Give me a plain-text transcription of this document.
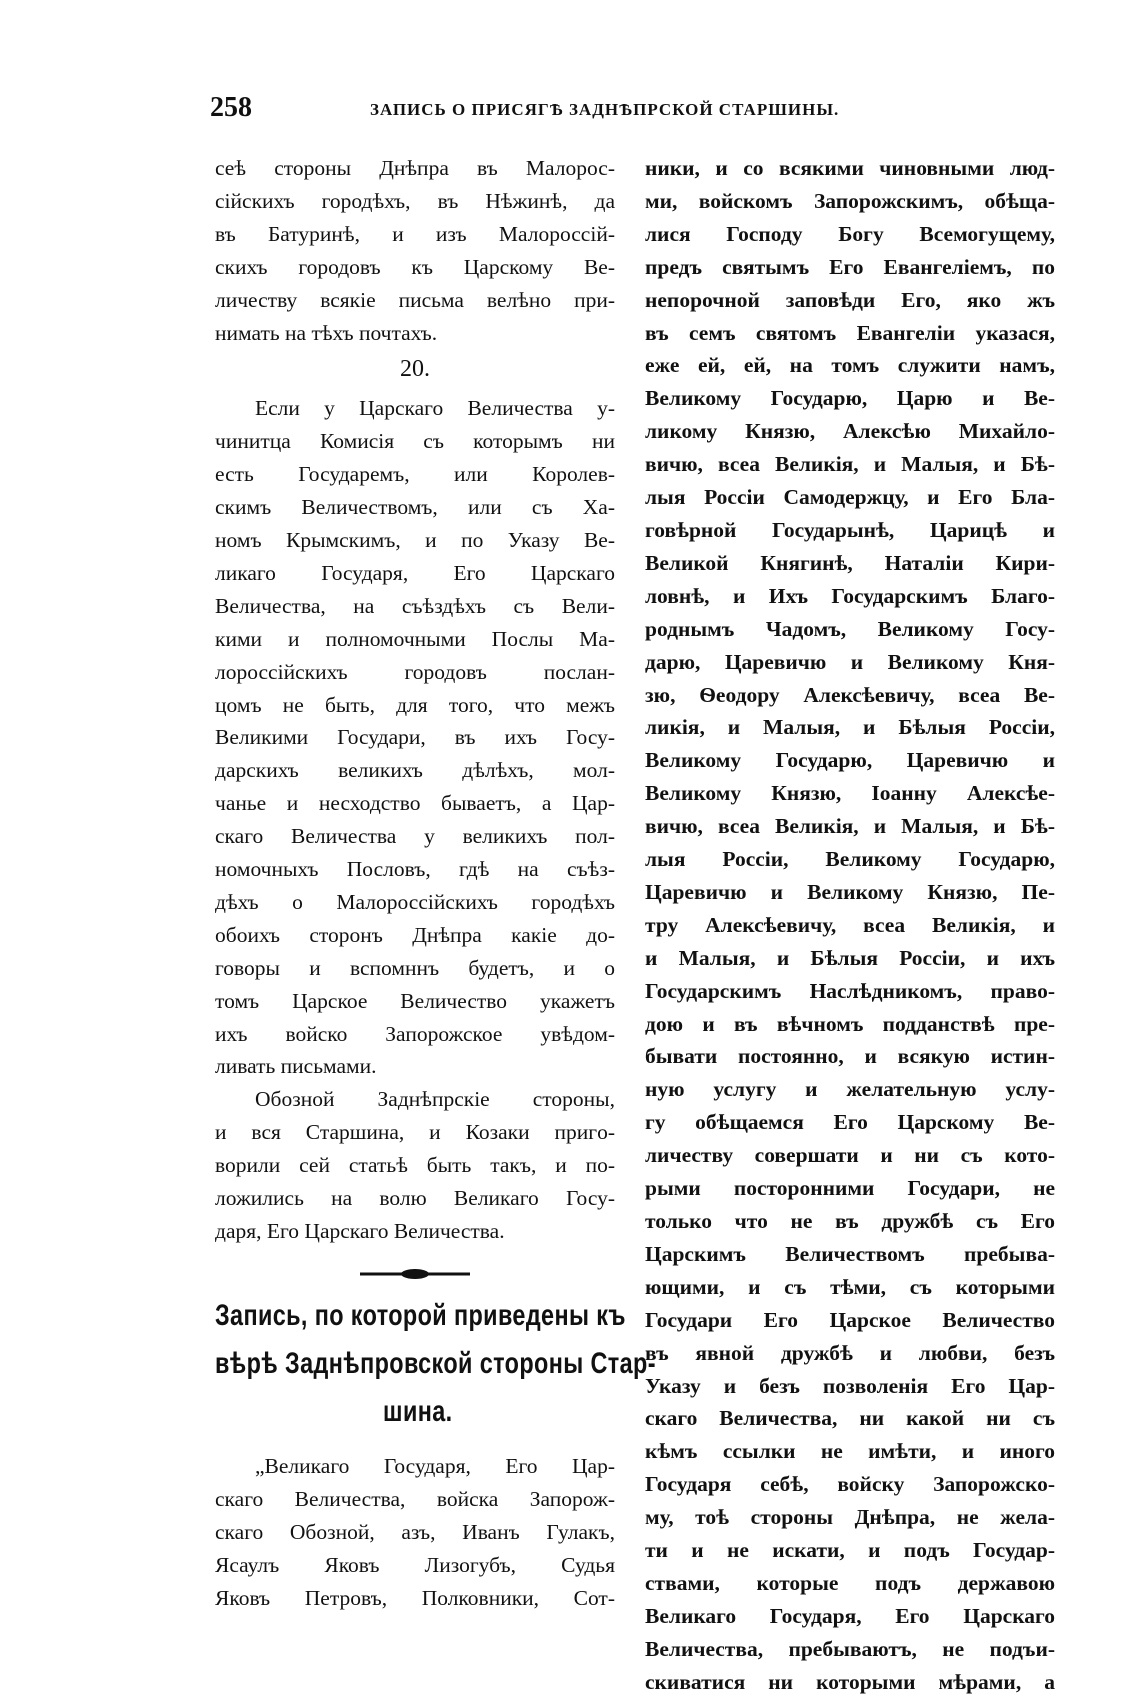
258	ЗАПИСЬ О ПРИСЯГѢ ЗАДНѢПРСКОЙ СТАРШИНЫ.
сеѣ стороны Днѣпра въ Малорос-
сійскихъ городѣхъ, въ Нѣжинѣ, да
въ Батуринѣ, и изъ Малороссій-
скихъ городовъ къ Царскому Ве-
личеству всякіе письма велѣно при-
нимать на тѣхъ почтахъ.
20.
Если у Царскаго Величества у-
чинитца Комисія съ которымъ ни
есть Государемъ, или Королев-
скимъ Величествомъ, или съ Ха-
номъ Крымскимъ, и по Указу Ве-
ликаго Государя, Его Царскаго
Величества, на съѣздѣхъ съ Вели-
кими и полномочными Послы Ма-
лороссійскихъ городовъ послан-
цомъ не быть, для того, что межъ
Великими Государи, въ ихъ Госу-
дарскихъ великихъ дѣлѣхъ, мол-
чанье и несходство бываетъ, а Цар-
скаго Величества у великихъ пол-
номочныхъ Пословъ, гдѣ на съѣз-
дѣхъ о Малороссійскихъ городѣхъ
обоихъ сторонъ Днѣпра какіе до-
говоры и вспомннъ будетъ, и о
томъ Царское Величество укажетъ
ихъ войско Запорожское увѣдом-
ливать письмами.
Обозной Заднѣпрскіе стороны,
и вся Старшина, и Козаки пригo-
ворили сей статьѣ быть такъ, и по-
ложились на волю Великаго Госу-
даря, Его Царскаго Величества.
Запись, по которой приведены къ
вѣрѣ Заднѣпровской стороны Стар-
шина.
„Великаго Государя, Его Цар-
скаго Величества, войска Запорож-
скаго Обозной, азъ, Иванъ Гулакъ,
Ясаулъ Яковъ Лизогубъ, Судья
Яковъ Петровъ, Полковники, Сот-
ники, и со всякими чиновными люд-
ми, войскомъ Запорожскимъ, обѣща-
лися Господу Богу Всемогущему,
предъ святымъ Его Евангеліемъ, по
непорочной заповѣди Его, яко жъ
въ семъ святомъ Евангеліи указася,
еже ей, ей, на томъ служити намъ,
Великому Государю, Царю и Ве-
ликому Князю, Алексѣю Михайло-
вичю, всеа Великія, и Малыя, и Бѣ-
лыя Россіи Самодержцу, и Его Бла-
говѣрной Государынѣ, Царицѣ и
Великой Княгинѣ, Наталіи Кири-
ловнѣ, и Ихъ Государскимъ Благо-
роднымъ Чадомъ, Великому Госу-
дарю, Царевичю и Великому Кня-
зю, Ѳеодору Алексѣевичу, всеа Ве-
ликія, и Малыя, и Бѣлыя Россіи,
Великому Государю, Царевичю и
Великому Князю, Іоанну Алексѣе-
вичю, всеа Великія, и Малыя, и Бѣ-
лыя Россіи, Великому Государю,
Царевичю и Великому Князю, Пе-
тру Алексѣевичу, всеа Великія, и
и Малыя, и Бѣлыя Россіи, и ихъ
Государскимъ Наслѣдникомъ, право-
дою и въ вѣчномъ подданствѣ пре-
бывати постоянно, и всякую истин-
ную услугу и желательную услу-
гу обѣщаемся Его Царскому Ве-
личеству совершати и ни съ кото-
рыми посторонними Государи, не
только что не въ дружбѣ съ Его
Царскимъ Величествомъ пребыва-
ющими, и съ тѣми, съ которыми
Государи Его Царское Величество
въ явной дружбѣ и любви, безъ
Указу и безъ позволенія Его Цар-
скаго Величества, ни какой ни съ
кѣмъ ссылки не имѣти, и иного
Государя себѣ, войску Запорожско-
му, тоѣ стороны Днѣпра, не жела-
ти и не искати, и подъ Государ-
ствами, которые подъ державою
Великаго Государя, Его Царскаго
Величества, пребываютъ, не подъи-
скиватися ни которыми мѣрами, а
